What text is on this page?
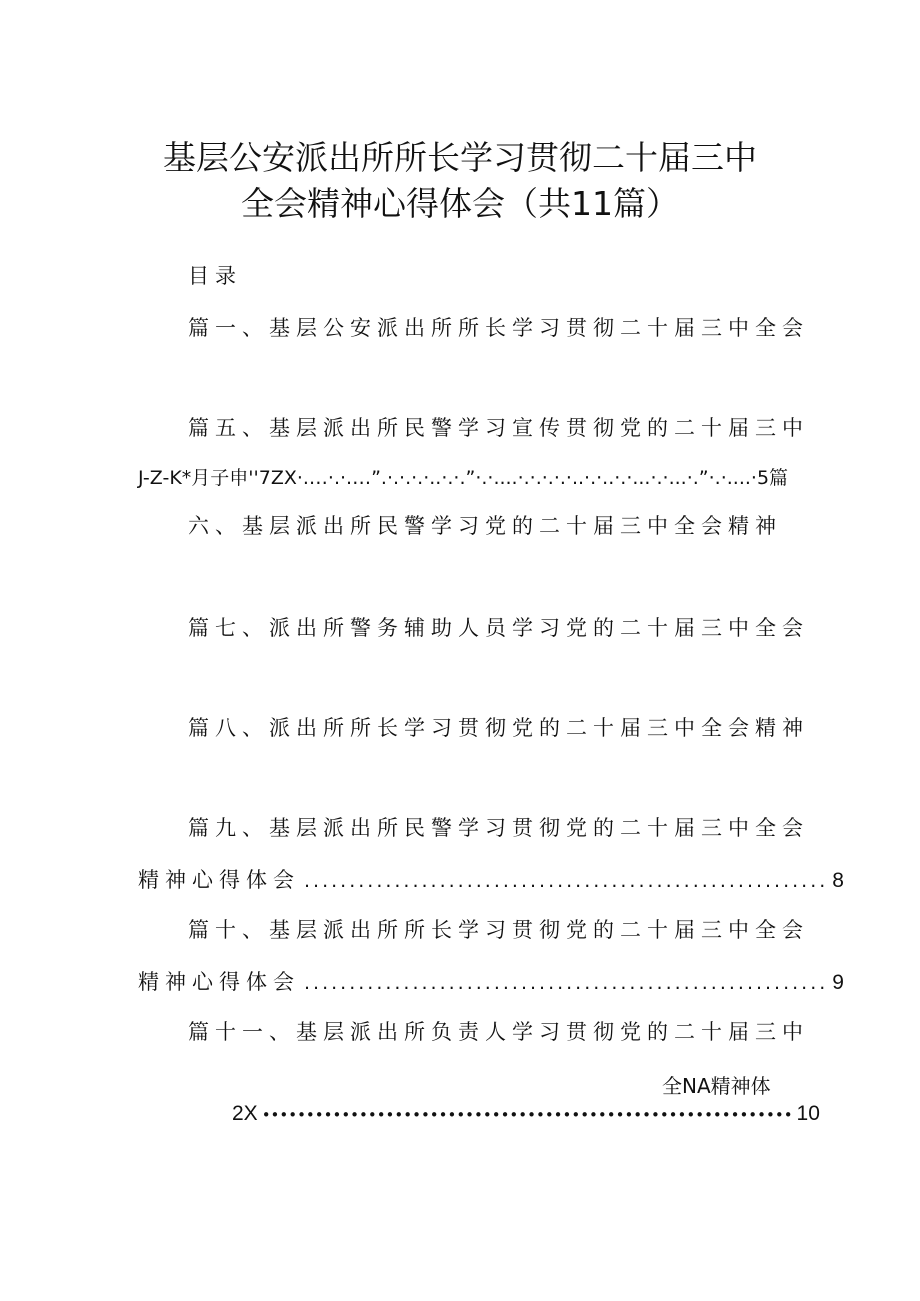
基层公安派出所所长学习贯彻二十届三中
全会精神心得体会（共11篇）
目录
篇一、基层公安派出所所长学习贯彻二十届三中全会
篇五、基层派出所民警学习宣传贯彻党的二十届三中
J-Z-K*月子申''7ZX·.…·.·.…”.·.·.·.·..·.·.”·.·....·.·.·.·.·..·.·..·.·...·.·...·.”·.·....·5篇
六、基层派出所民警学习党的二十届三中全会精神
篇七、派出所警务辅助人员学习党的二十届三中全会
篇八、派出所所长学习贯彻党的二十届三中全会精神
篇九、基层派出所民警学习贯彻党的二十届三中全会
精神心得体会 .......................................................... 8
篇十、基层派出所所长学习贯彻党的二十届三中全会
精神心得体会 .......................................................... 9
篇十一、基层派出所负责人学习贯彻党的二十届三中
全NA精神体
2X •••••••••••••••••••••••••••••••••••••••••••••••••••••••••••• 10
